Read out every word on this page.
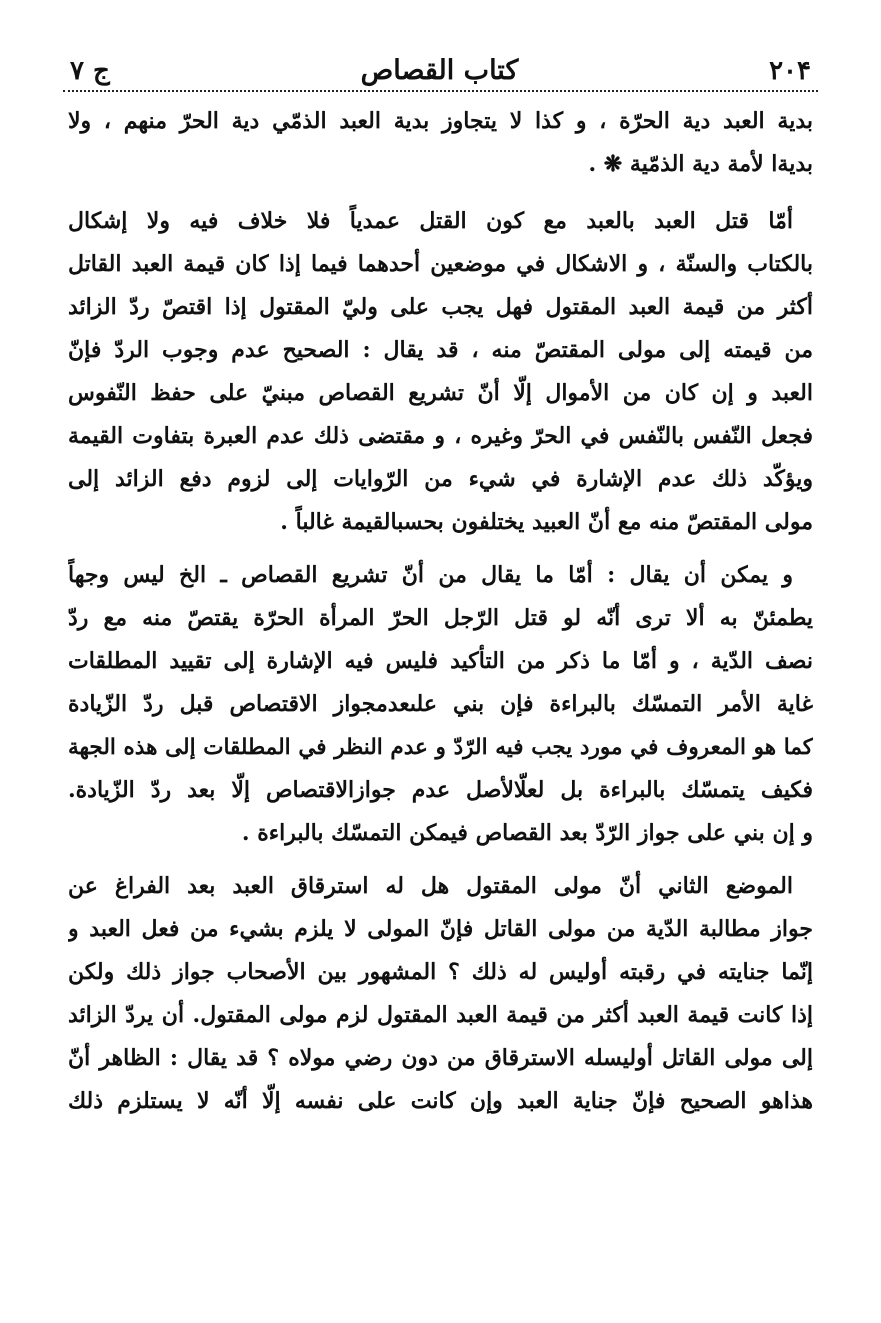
٢٠۴
كتاب القصاص
ج ٧
بدية العبد دية الحرّة ، و كذا لا يتجاوز بدية العبد الذمّي دية الحرّ منهم ، ولا
بديةا لأمة دية الذمّية ❋ .
أمّا قتل العبد بالعبد مع كون القتل عمدياً فلا خلاف فيه ولا إشكال
بالكتاب والسنّة ، و الاشكال في موضعين أحدهما فيما إذا كان قيمة العبد القاتل
أكثر من قيمة العبد المقتول فهل يجب على وليّ المقتول إذا اقتصّ ردّ الزائد
من قيمته إلى مولى المقتصّ منه ، قد يقال : الصحيح عدم وجوب الردّ فإنّ
العبد و إن كان من الأموال إلّا أنّ تشريع القصاص مبنيّ على حفظ النّفوس
فجعل النّفس بالنّفس في الحرّ وغيره ، و مقتضى ذلك عدم العبرة بتفاوت القيمة
ويؤكّد ذلك عدم الإشارة في شيء من الرّوايات إلى لزوم دفع الزائد إلى
مولى المقتصّ منه مع أنّ العبيد يختلفون بحسبالقيمة غالباً .
و يمكن أن يقال : أمّا ما يقال من أنّ تشريع القصاص ـ الخ ليس وجهاً
يطمئنّ به ألا ترى أنّه لو قتل الرّجل الحرّ المرأة الحرّة يقتصّ منه مع ردّ
نصف الدّية ، و أمّا ما ذكر من التأكيد فليس فيه الإشارة إلى تقييد المطلقات
غاية الأمر التمسّك بالبراءة فإن بني علىعدمجواز الاقتصاص قبل ردّ الزّيادة
كما هو المعروف في مورد يجب فيه الرّدّ و عدم النظر في المطلقات إلى هذه الجهة
فكيف يتمسّك بالبراءة بل لعلّالأصل عدم جوازالاقتصاص إلّا بعد ردّ الزّيادة.
و إن بني على جواز الرّدّ بعد القصاص فيمكن التمسّك بالبراءة .
الموضع الثاني أنّ مولى المقتول هل له استرقاق العبد بعد الفراغ عن
جواز مطالبة الدّية من مولى القاتل فإنّ المولى لا يلزم بشيء من فعل العبد و
إنّما جنايته في رقبته أوليس له ذلك ؟ المشهور بين الأصحاب جواز ذلك ولكن
إذا كانت قيمة العبد أكثر من قيمة العبد المقتول لزم مولى المقتول. أن يردّ الزائد
إلى مولى القاتل أوليسله الاسترقاق من دون رضي مولاه ؟ قد يقال : الظاهر أنّ
هذاهو الصحيح فإنّ جناية العبد وإن كانت على نفسه إلّا أنّه لا يستلزم ذلك
